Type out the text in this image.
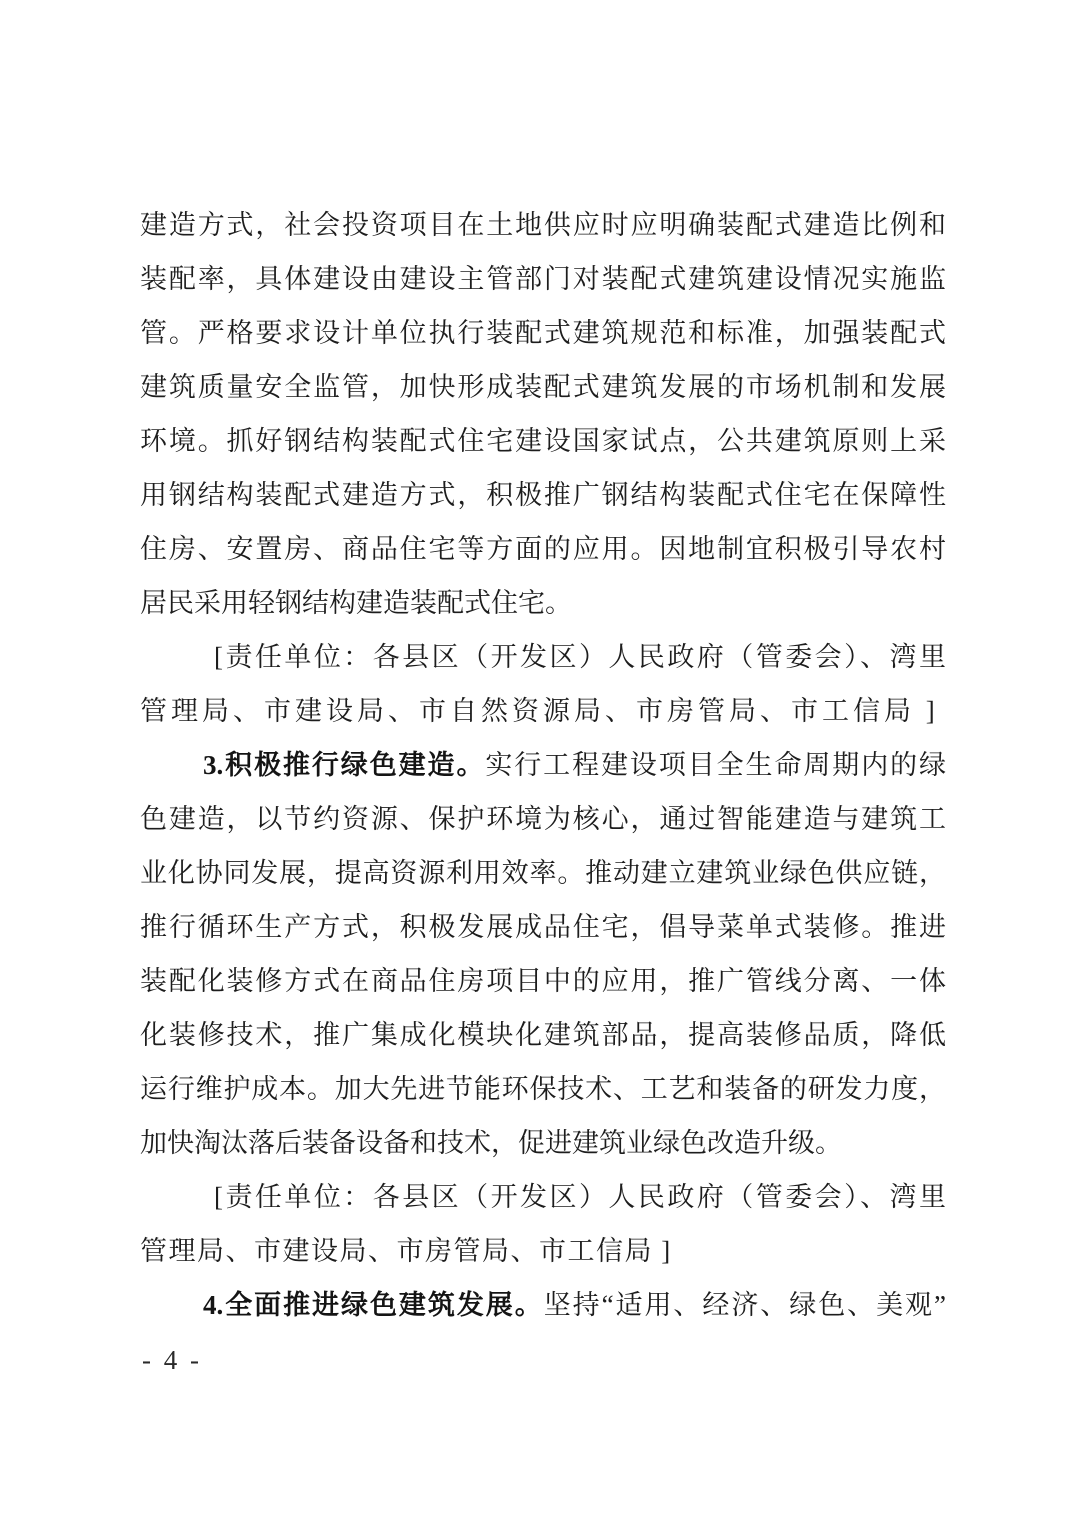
建造方式，社会投资项目在土地供应时应明确装配式建造比例和
装配率，具体建设由建设主管部门对装配式建筑建设情况实施监
管。严格要求设计单位执行装配式建筑规范和标准，加强装配式
建筑质量安全监管，加快形成装配式建筑发展的市场机制和发展
环境。抓好钢结构装配式住宅建设国家试点，公共建筑原则上采
用钢结构装配式建造方式，积极推广钢结构装配式住宅在保障性
住房、安置房、商品住宅等方面的应用。因地制宜积极引导农村
居民采用轻钢结构建造装配式住宅。
[责任单位：各县区（开发区）人民政府（管委会）、湾里
管理局、市建设局、市自然资源局、市房管局、市工信局 ]
3.积极推行绿色建造。实行工程建设项目全生命周期内的绿
色建造，以节约资源、保护环境为核心，通过智能建造与建筑工
业化协同发展，提高资源利用效率。推动建立建筑业绿色供应链，
推行循环生产方式，积极发展成品住宅，倡导菜单式装修。推进
装配化装修方式在商品住房项目中的应用，推广管线分离、一体
化装修技术，推广集成化模块化建筑部品，提高装修品质，降低
运行维护成本。加大先进节能环保技术、工艺和装备的研发力度，
加快淘汰落后装备设备和技术，促进建筑业绿色改造升级。
[责任单位：各县区（开发区）人民政府（管委会）、湾里
管理局、市建设局、市房管局、市工信局 ]
4.全面推进绿色建筑发展。坚持“适用、经济、绿色、美观”
- 4 -
